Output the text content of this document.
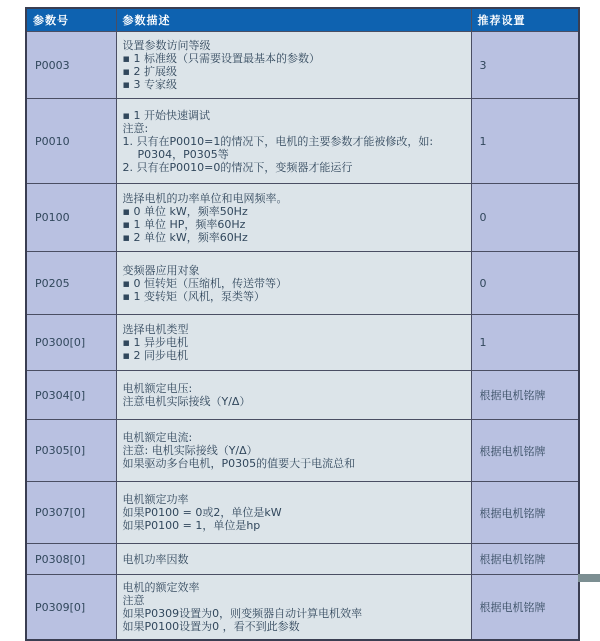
参数号	参数描述	推荐设置
P0003	设置参数访问等级
▪ 1 标准级（只需要设置最基本的参数）
▪ 2 扩展级
▪ 3 专家级	3
P0010	▪ 1 开始快速调试
注意:
1. 只有在P0010=1的情况下，电机的主要参数才能被修改，如:
P0304，P0305等
2. 只有在P0010=0的情况下，变频器才能运行	1
P0100	选择电机的功率单位和电网频率。
▪ 0 单位 kW，频率50Hz
▪ 1 单位 HP，频率60Hz
▪ 2 单位 kW，频率60Hz	0
P0205	变频器应用对象
▪ 0 恒转矩（压缩机，传送带等）
▪ 1 变转矩（风机，泵类等）	0
P0300[0]	选择电机类型
▪ 1 异步电机
▪ 2 同步电机	1
P0304[0]	电机额定电压:
注意电机实际接线（Y/Δ）	根据电机铭牌
P0305[0]	电机额定电流:
注意: 电机实际接线（Y/Δ）
如果驱动多台电机，P0305的值要大于电流总和	根据电机铭牌
P0307[0]	电机额定功率
如果P0100 = 0或2，单位是kW
如果P0100 = 1，单位是hp	根据电机铭牌
P0308[0]	电机功率因数	根据电机铭牌
P0309[0]	电机的额定效率
注意
如果P0309设置为0，则变频器自动计算电机效率
如果P0100设置为0 ，看不到此参数	根据电机铭牌
